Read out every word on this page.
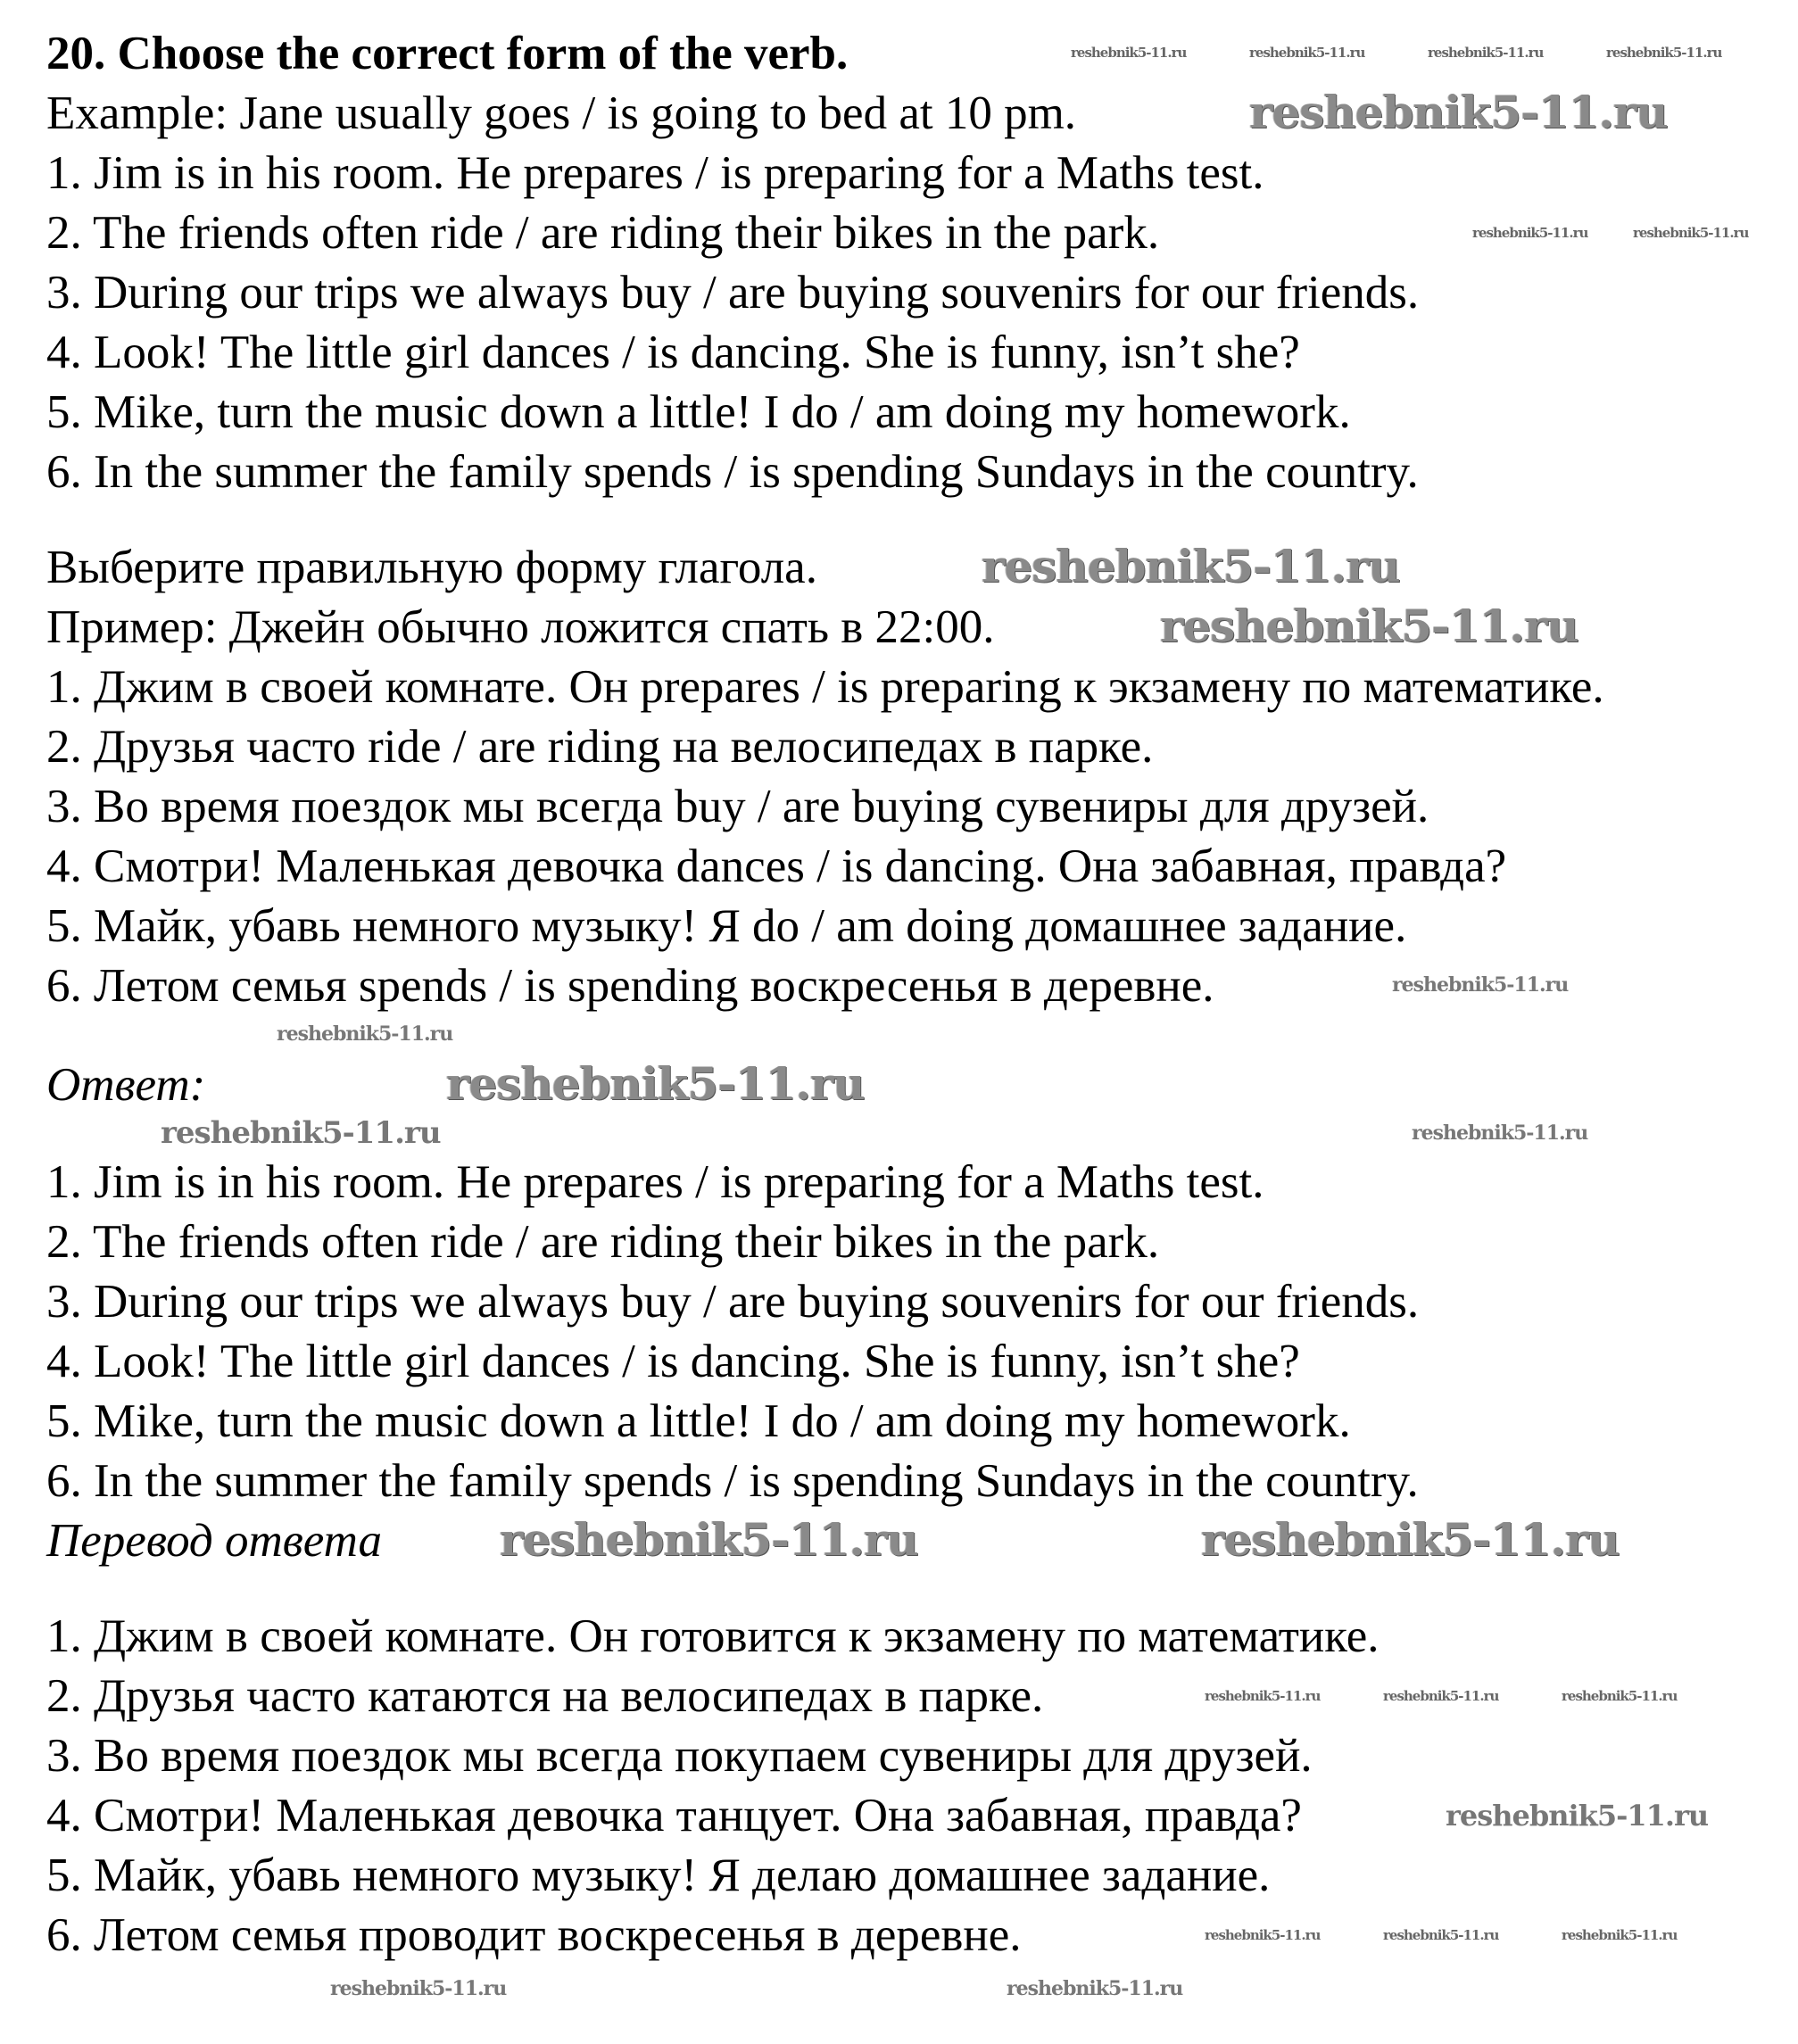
20. Choose the correct form of the verb.
Example: Jane usually goes / is going to bed at 10 pm.
1. Jim is in his room. He prepares / is preparing for a Maths test.
2. The friends often ride / are riding their bikes in the park.
3. During our trips we always buy / are buying souvenirs for our friends.
4. Look! The little girl dances / is dancing. She is funny, isn’t she?
5. Mike, turn the music down a little! I do / am doing my homework.
6. In the summer the family spends / is spending Sundays in the country.
Выберите правильную форму глагола.
Пример: Джейн обычно ложится спать в 22:00.
1. Джим в своей комнате. Он prepares / is preparing к экзамену по математике.
2. Друзья часто ride / are riding на велосипедах в парке.
3. Во время поездок мы всегда buy / are buying сувениры для друзей.
4. Смотри! Маленькая девочка dances / is dancing. Она забавная, правда?
5. Майк, убавь немного музыку! Я do / am doing домашнее задание.
6. Летом семья spends / is spending воскресенья в деревне.
Ответ:
1. Jim is in his room. He prepares / is preparing for a Maths test.
2. The friends often ride / are riding their bikes in the park.
3. During our trips we always buy / are buying souvenirs for our friends.
4. Look! The little girl dances / is dancing. She is funny, isn’t she?
5. Mike, turn the music down a little! I do / am doing my homework.
6. In the summer the family spends / is spending Sundays in the country.
Перевод ответа
1. Джим в своей комнате. Он готовится к экзамену по математике.
2. Друзья часто катаются на велосипедах в парке.
3. Во время поездок мы всегда покупаем сувениры для друзей.
4. Смотри! Маленькая девочка танцует. Она забавная, правда?
5. Майк, убавь немного музыку! Я делаю домашнее задание.
6. Летом семья проводит воскресенья в деревне.
reshebnik5-11.ru
reshebnik5-11.ru
reshebnik5-11.ru
reshebnik5-11.ru
reshebnik5-11.ru	reshebnik5-11.ru
reshebnik5-11.ru	reshebnik5-11.ru
reshebnik5-11.ru
reshebnik5-11.ru
reshebnik5-11.ru
reshebnik5-11.ru	reshebnik5-11.ru
reshebnik5-11.ru	reshebnik5-11.ru	reshebnik5-11.ru	reshebnik5-11.ru
reshebnik5-11.ru	reshebnik5-11.ru
reshebnik5-11.ru	reshebnik5-11.ru	reshebnik5-11.ru
reshebnik5-11.ru	reshebnik5-11.ru	reshebnik5-11.ru
